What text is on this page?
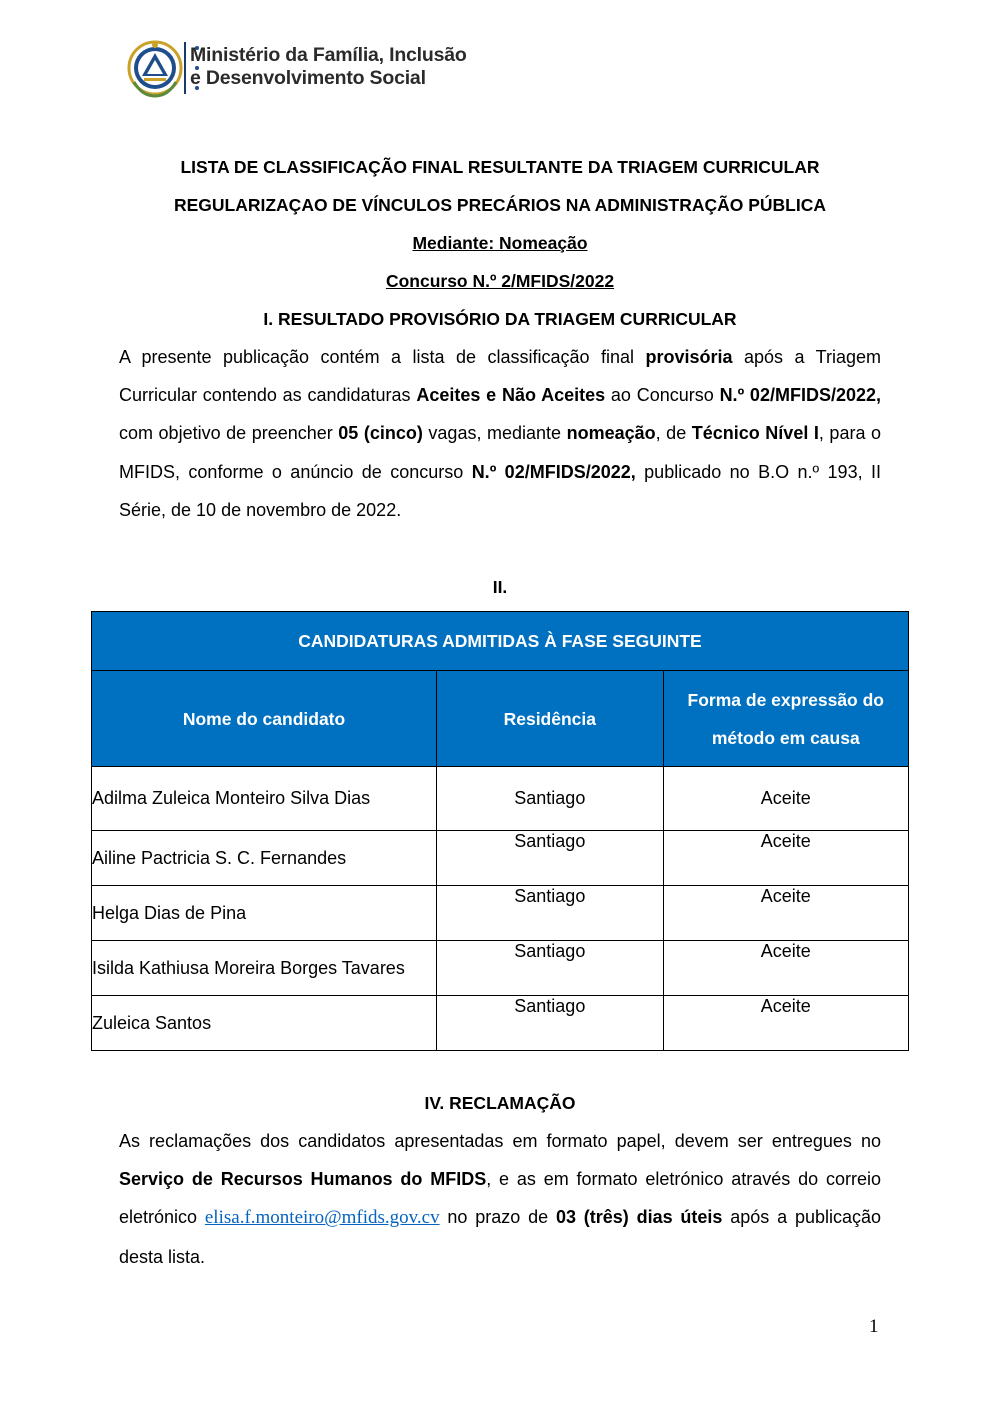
Ministério da Família, Inclusão
e Desenvolvimento Social
LISTA DE CLASSIFICAÇÃO FINAL RESULTANTE DA TRIAGEM CURRICULAR
REGULARIZAÇAO DE VÍNCULOS PRECÁRIOS NA ADMINISTRAÇÃO PÚBLICA
Mediante: Nomeação
Concurso N.º 2/MFIDS/2022
I. RESULTADO PROVISÓRIO DA TRIAGEM CURRICULAR
A presente publicação contém a lista de classificação final provisória após a Triagem Curricular contendo as candidaturas Aceites e Não Aceites ao Concurso N.º 02/MFIDS/2022, com objetivo de preencher 05 (cinco) vagas, mediante nomeação, de Técnico Nível I, para o MFIDS, conforme o anúncio de concurso N.º 02/MFIDS/2022, publicado no B.O n.º 193, II Série, de 10 de novembro de 2022.
II.
CANDIDATURAS ADMITIDAS À FASE SEGUINTE		
Nome do candidato	Residência	Forma de expressão do método em causa
Adilma Zuleica Monteiro Silva Dias	Santiago	Aceite
Ailine Pactricia S. C. Fernandes	Santiago	Aceite
Helga Dias de Pina	Santiago	Aceite
Isilda Kathiusa Moreira Borges Tavares	Santiago	Aceite
Zuleica Santos	Santiago	Aceite
IV. RECLAMAÇÃO
As reclamações dos candidatos apresentadas em formato papel, devem ser entregues no Serviço de Recursos Humanos do MFIDS, e as em formato eletrónico através do correio eletrónico elisa.f.monteiro@mfids.gov.cv no prazo de 03 (três) dias úteis após a publicação desta lista.
1
